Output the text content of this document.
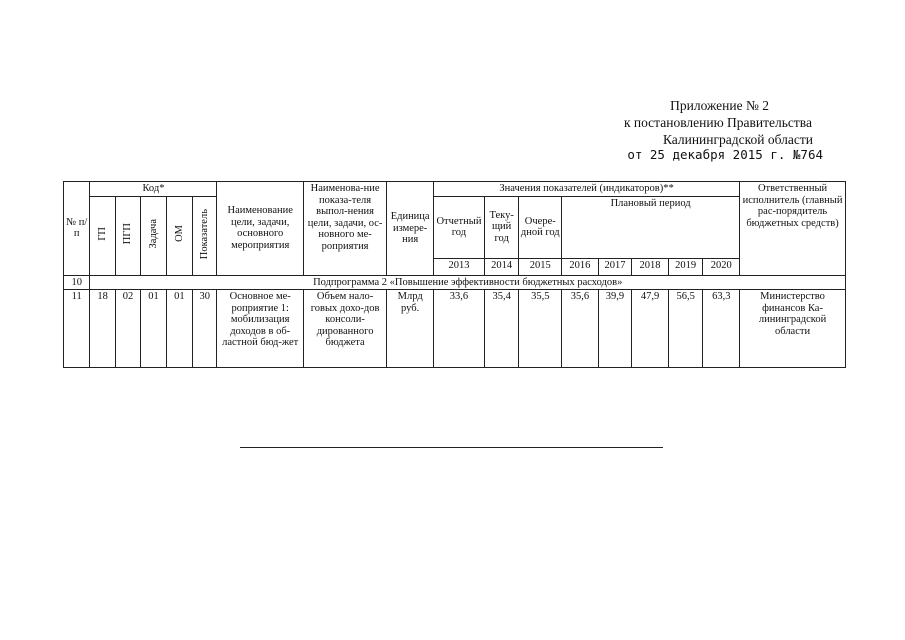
Приложение № 2
к постановлению Правительства
Калининградской области
от 25 декабря 2015 г. №764
№ п/п	Код*					Наименование цели, задачи, основного мероприятия	Наименова-ние показа-теля выпол-нения цели, задачи, ос-новного ме-роприятия	Единица измере-ния	Значения показателей (индикаторов)**								Ответственный исполнитель (главный рас-порядитель бюджетных средств)
	ГП	ПГП	Задача	ОМ	Показатель				Отчетный год	Теку-щий год	Очере-дной год	Плановый период					
									2013	2014	2015	2016	2017	2018	2019	2020	
10	Подпрограмма 2 «Повышение эффективности бюджетных расходов»																
11	18	02	01	01	30	Основное ме-роприятие 1: мобилизация доходов в об-ластной бюд-жет	Объем нало-говых дохо-дов консоли-дированного бюджета	Млрд руб.	33,6	35,4	35,5	35,6	39,9	47,9	56,5	63,3	Министерство финансов Ка-лининградской области
